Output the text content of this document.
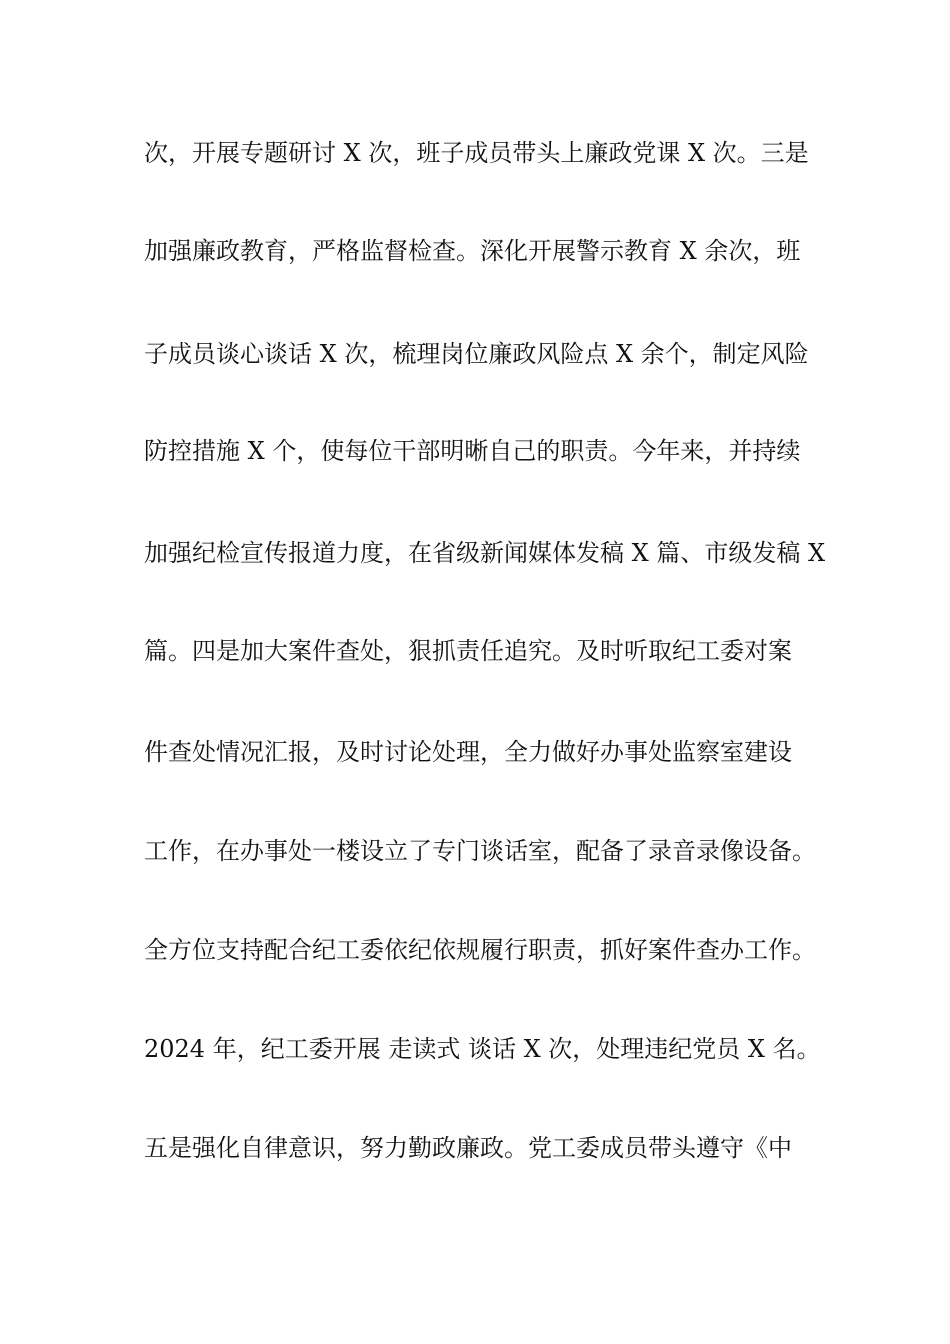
次，开展专题研讨 X 次，班子成员带头上廉政党课 X 次。三是
加强廉政教育，严格监督检查。深化开展警示教育 X 余次，班
子成员谈心谈话 X 次，梳理岗位廉政风险点 X 余个，制定风险
防控措施 X 个，使每位干部明晰自己的职责。今年来，并持续
加强纪检宣传报道力度，在省级新闻媒体发稿 X 篇、市级发稿 X
篇。四是加大案件查处，狠抓责任追究。及时听取纪工委对案
件查处情况汇报，及时讨论处理，全力做好办事处监察室建设
工作，在办事处一楼设立了专门谈话室，配备了录音录像设备。
全方位支持配合纪工委依纪依规履行职责，抓好案件查办工作。
2024 年，纪工委开展 走读式 谈话 X 次，处理违纪党员 X 名。
五是强化自律意识，努力勤政廉政。党工委成员带头遵守《中
